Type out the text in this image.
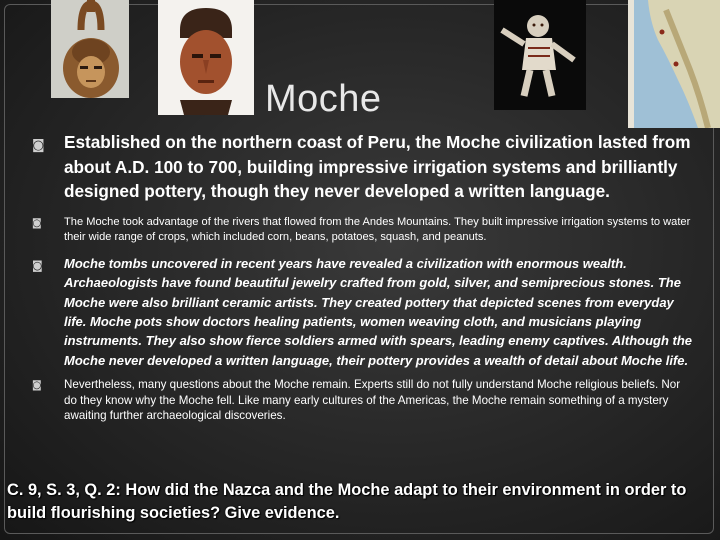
Moche
◙ Established on the northern coast of Peru, the Moche civilization lasted from about A.D. 100 to 700, building impressive irrigation systems and brilliantly designed pottery, though they never developed a written language.
◙ The Moche took advantage of the rivers that flowed from the Andes Mountains. They built impressive irrigation systems to water their wide range of crops, which included corn, beans, potatoes, squash, and peanuts.
◙ Moche tombs uncovered in recent years have revealed a civilization with enormous wealth. Archaeologists have found beautiful jewelry crafted from gold, silver, and semiprecious stones. The Moche were also brilliant ceramic artists. They created pottery that depicted scenes from everyday life. Moche pots show doctors healing patients, women weaving cloth, and musicians playing instruments. They also show fierce soldiers armed with spears, leading enemy captives. Although the Moche never developed a written language, their pottery provides a wealth of detail about Moche life.
◙ Nevertheless, many questions about the Moche remain. Experts still do not fully understand Moche religious beliefs. Nor do they know why the Moche fell. Like many early cultures of the Americas, the Moche remain something of a mystery awaiting further archaeological discoveries.
C. 9, S. 3, Q. 2: How did the Nazca and the Moche adapt to their environment in order to build flourishing societies? Give evidence.
